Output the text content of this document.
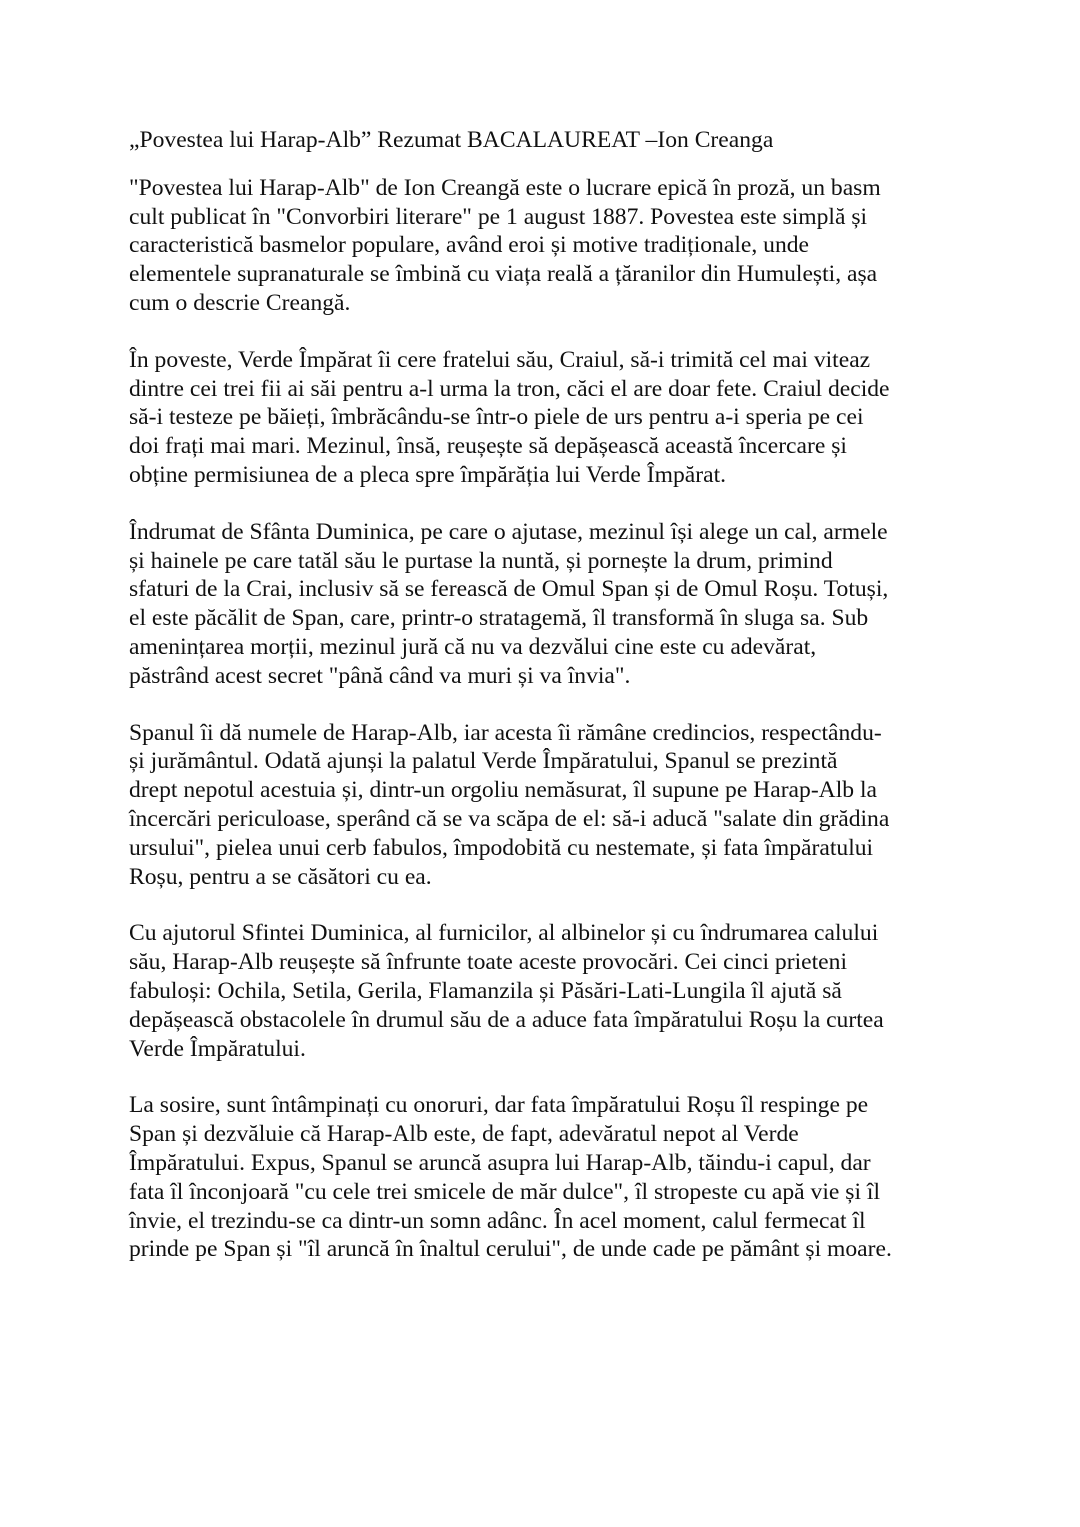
„Povestea lui Harap-Alb” Rezumat BACALAUREAT –Ion Creanga

"Povestea lui Harap-Alb" de Ion Creangă este o lucrare epică în proză, un basm
cult publicat în "Convorbiri literare" pe 1 august 1887. Povestea este simplă și
caracteristică basmelor populare, având eroi și motive tradiționale, unde
elementele supranaturale se îmbină cu viața reală a țăranilor din Humulești, așa
cum o descrie Creangă.

În poveste, Verde Împărat îi cere fratelui său, Craiul, să-i trimită cel mai viteaz
dintre cei trei fii ai săi pentru a-l urma la tron, căci el are doar fete. Craiul decide
să-i testeze pe băieți, îmbrăcându-se într-o piele de urs pentru a-i speria pe cei
doi frați mai mari. Mezinul, însă, reușește să depășească această încercare și
obține permisiunea de a pleca spre împărăția lui Verde Împărat.

Îndrumat de Sfânta Duminica, pe care o ajutase, mezinul își alege un cal, armele
și hainele pe care tatăl său le purtase la nuntă, și pornește la drum, primind
sfaturi de la Crai, inclusiv să se ferească de Omul Span și de Omul Roșu. Totuși,
el este păcălit de Span, care, printr-o stratagemă, îl transformă în sluga sa. Sub
amenințarea morții, mezinul jură că nu va dezvălui cine este cu adevărat,
păstrând acest secret "până când va muri și va învia".

Spanul îi dă numele de Harap-Alb, iar acesta îi rămâne credincios, respectându-
și jurământul. Odată ajunși la palatul Verde Împăratului, Spanul se prezintă
drept nepotul acestuia și, dintr-un orgoliu nemăsurat, îl supune pe Harap-Alb la
încercări periculoase, sperând că se va scăpa de el: să-i aducă "salate din grădina
ursului", pielea unui cerb fabulos, împodobită cu nestemate, și fata împăratului
Roșu, pentru a se căsători cu ea.

Cu ajutorul Sfintei Duminica, al furnicilor, al albinelor și cu îndrumarea calului
său, Harap-Alb reușește să înfrunte toate aceste provocări. Cei cinci prieteni
fabuloși: Ochila, Setila, Gerila, Flamanzila și Păsări-Lati-Lungila îl ajută să
depășească obstacolele în drumul său de a aduce fata împăratului Roșu la curtea
Verde Împăratului.

La sosire, sunt întâmpinați cu onoruri, dar fata împăratului Roșu îl respinge pe
Span și dezvăluie că Harap-Alb este, de fapt, adevăratul nepot al Verde
Împăratului. Expus, Spanul se aruncă asupra lui Harap-Alb, tăindu-i capul, dar
fata îl înconjoară "cu cele trei smicele de măr dulce", îl stropeste cu apă vie și îl
învie, el trezindu-se ca dintr-un somn adânc. În acel moment, calul fermecat îl
prinde pe Span și "îl aruncă în înaltul cerului", de unde cade pe pământ și moare.
